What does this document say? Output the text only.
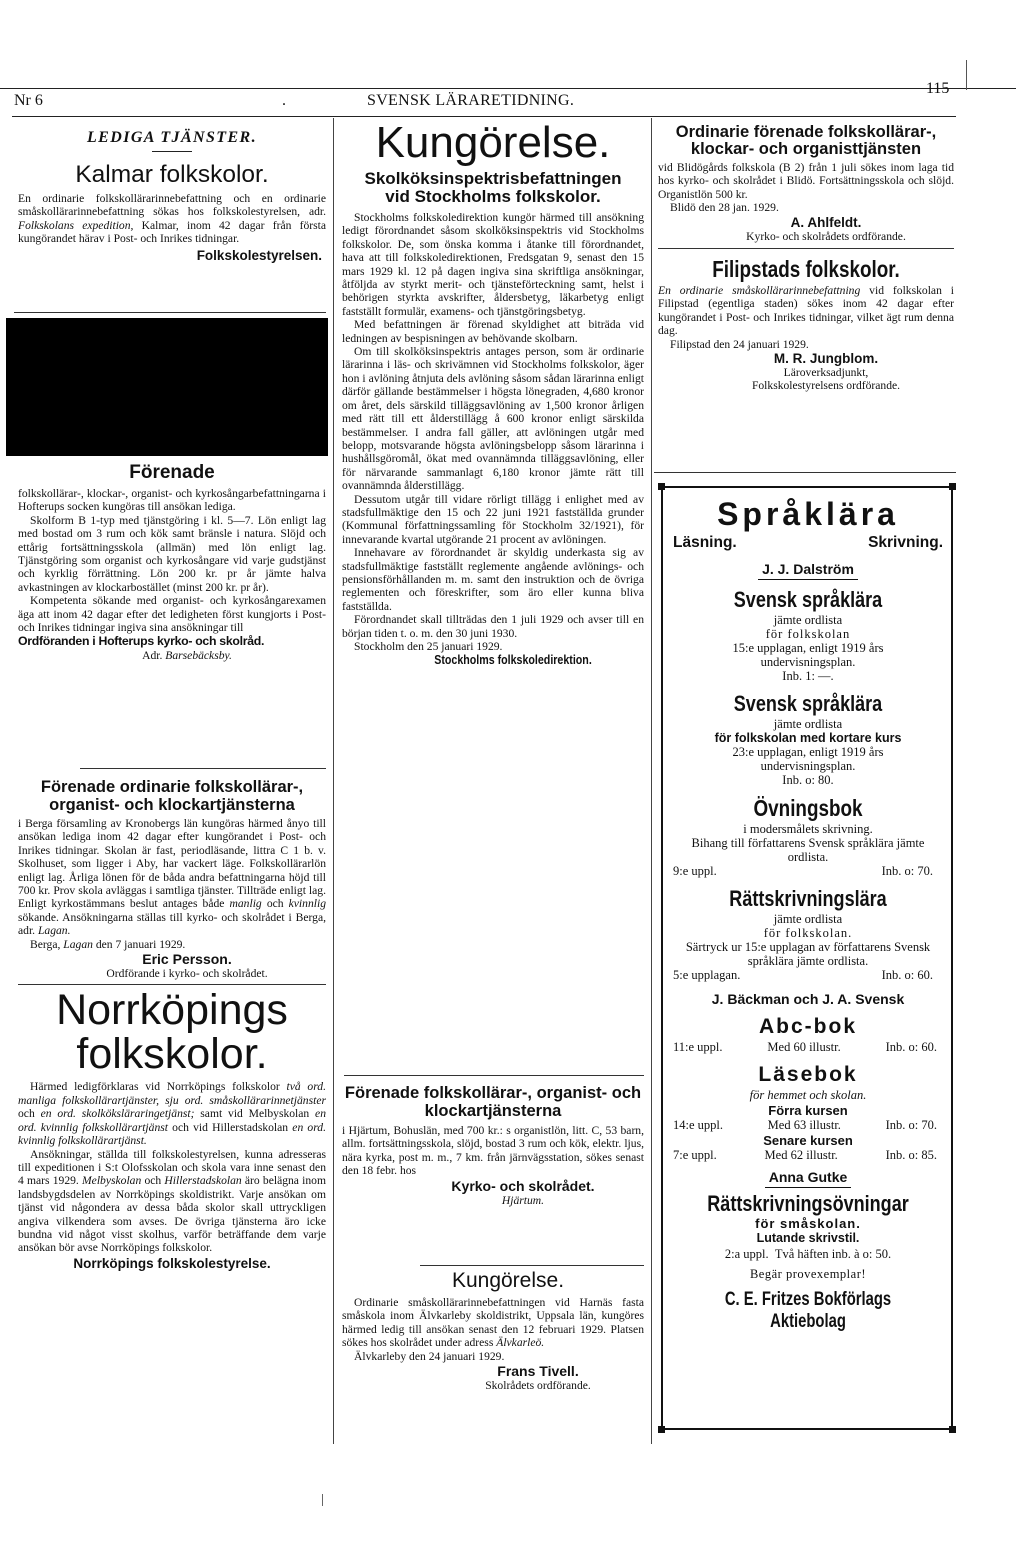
Nr 6	.	SVENSK LÄRARETIDNING.
115
LEDIGA TJÄNSTER.
Kalmar folkskolor.

En ordinarie folkskollärarinnebefattning och en ordinarie småskollärarinnebefattning sökas hos folkskolestyrelsen, adr. Folkskolans expedition, Kalmar, inom 42 dagar från första kungörandet härav i Post- och Inrikes tidningar.

Folkskolestyrelsen.
Förenade

folkskollärar-, klockar-, organist- och kyrkosångarbefattningarna i Hofterups socken kungöras till ansökan lediga.

Skolform B 1-typ med tjänstgöring i kl. 5—7. Lön enligt lag med bostad om 3 rum och kök samt bränsle i natura. Slöjd och ettårig fortsättningsskola (allmän) med lön enligt lag. Tjänstgöring som organist och kyrkosångare vid varje gudstjänst och kyrklig förrättning. Lön 200 kr. pr år jämte halva avkastningen av klockarbostället (minst 200 kr. pr år).

Kompetenta sökande med organist- och kyrkosångarexamen äga att inom 42 dagar efter det ledigheten först kungjorts i Post- och Inrikes tidningar ingiva sina ansökningar till

Ordföranden i Hofterups kyrko- och skolråd.
Adr. Barsebäcksby.
Förenade ordinarie folkskollärar-, organist- och klockartjänsterna

i Berga församling av Kronobergs län kungöras härmed ånyo till ansökan lediga inom 42 dagar efter kungörandet i Post- och Inrikes tidningar. Skolan är fast, periodläsande, littra C 1 b. v. Skolhuset, som ligger i Aby, har vackert läge. Folkskollärarlön enligt lag. Årliga lönen för de båda andra befattningarna höjd till 700 kr. Prov skola avläggas i samtliga tjänster. Tillträde enligt lag. Enligt kyrkostämmans beslut antages både manlig och kvinnlig sökande. Ansökningarna ställas till kyrko- och skolrådet i Berga, adr. Lagan.

Berga, Lagan den 7 januari 1929.

Eric Persson.
Ordförande i kyrko- och skolrådet.
Norrköpings
folkskolor.

Härmed ledigförklaras vid Norrköpings folkskolor två ord. manliga folkskollärartjänster, sju ord. småskollärarinnetjänster och en ord. skolköksläraringetjänst; samt vid Melbyskolan en ord. kvinnlig folkskollärartjänst och vid Hillerstadskolan en ord. kvinnlig folkskollärartjänst.

Ansökningar, ställda till folkskolestyrelsen, kunna adresseras till expeditionen i S:t Olofsskolan och skola vara inne senast den 4 mars 1929. Melbyskolan och Hillerstadskolan äro belägna inom landsbygdsdelen av Norrköpings skoldistrikt. Varje ansökan om tjänst vid någondera av dessa båda skolor skall uttryckligen angiva vilkendera som avses. De övriga tjänsterna äro icke bundna vid något visst skolhus, varför beträffande dem varje ansökan bör avse Norrköpings folkskolor.

Norrköpings folkskolestyrelse.
Kungörelse.
Skolköksinspektrisbefattningen vid Stockholms folkskolor.

Stockholms folkskoledirektion kungör härmed till ansökning ledigt förordnandet såsom skolköksinspektris vid Stockholms folkskolor. De, som önska komma i åtanke till förordnandet, hava att till folkskoledirektionen, Fredsgatan 9, senast den 15 mars 1929 kl. 12 på dagen ingiva sina skriftliga ansökningar, åtföljda av styrkt merit- och tjänsteförteckning samt, helst i behörigen styrkta avskrifter, åldersbetyg, läkarbetyg enligt fastställt formulär, examens- och tjänstgöringsbetyg.

Med befattningen är förenad skyldighet att biträda vid ledningen av bespisningen av behövande skolbarn.

Om till skolköksinspektris antages person, som är ordinarie lärarinna i läs- och skrivämnen vid Stockholms folkskolor, äger hon i avlöning åtnjuta dels avlöning såsom sådan lärarinna enligt därför gällande bestämmelser i högsta lönegraden, 4,680 kronor om året, dels särskild tilläggsavlöning av 1,500 kronor årligen med rätt till ett ålderstillägg å 600 kronor enligt särskilda bestämmelser. I andra fall gäller, att avlöningen utgår med belopp, motsvarande högsta avlöningsbelopp såsom lärarinna i hushållsgöromål, ökat med ovannämnda tilläggsavlöning, eller för närvarande sammanlagt 6,180 kronor jämte rätt till ovannämnda ålderstillägg.

Dessutom utgår till vidare rörligt tillägg i enlighet med av stadsfullmäktige den 15 och 22 juni 1921 fastställda grunder (Kommunal författningssamling för Stockholm 32/1921), för innevarande kvartal utgörande 21 procent av avlöningen.

Innehavare av förordnandet är skyldig underkasta sig av stadsfullmäktige fastställt reglemente angående avlönings- och pensionsförhållanden m. m. samt den instruktion och de övriga reglementen och föreskrifter, som äro eller kunna bliva fastställda.

Förordnandet skall tillträdas den 1 juli 1929 och avser till en början tiden t. o. m. den 30 juni 1930.

Stockholm den 25 januari 1929.

Stockholms folkskoledirektion.
Förenade folkskollärar-, organist- och klockartjänsterna

i Hjärtum, Bohuslän, med 700 kr.: s organistlön, litt. C, 53 barn, allm. fortsättningsskola, slöjd, bostad 3 rum och kök, elektr. ljus, nära kyrka, post m. m., 7 km. från järnvägsstation, sökes senast den 18 febr. hos

Kyrko- och skolrådet.
Hjärtum.
Kungörelse.

Ordinarie småskollärarinnebefattningen vid Harnäs fasta småskola inom Älvkarleby skoldistrikt, Uppsala län, kungöres härmed ledig till ansökan senast den 12 februari 1929. Platsen sökes hos skolrådet under adress Älvkarleö.

Älvkarleby den 24 januari 1929.

Frans Tivell.
Skolrådets ordförande.
Ordinarie förenade folkskollärar-, klockar- och organisttjänsten

vid Blidögårds folkskola (B 2) från 1 juli sökes inom laga tid hos kyrko- och skolrådet i Blidö. Fortsättningsskola och slöjd. Organistlön 500 kr.

Blidö den 28 jan. 1929.

A. Ahlfeldt.
Kyrko- och skolrådets ordförande.
Filipstads folkskolor.

En ordinarie småskollärarinnebefattning vid folkskolan i Filipstad (egentliga staden) sökes inom 42 dagar efter kungörandet i Post- och Inrikes tidningar, vilket ägt rum denna dag.

Filipstad den 24 januari 1929.

M. R. Jungblom.
Läroverksadjunkt,
Folkskolestyrelsens ordförande.
Språklära
Läsning.	Skrivning.
J. J. Dalström
Svensk språklära
jämte ordlista
för folkskolan
15:e upplagan, enligt 1919 års
undervisningsplan.
Inb. 1: —.
Svensk språklära
jämte ordlista
för folkskolan med kortare kurs
23:e upplagan, enligt 1919 års
undervisningsplan.
Inb. o: 80.
Övningsbok
i modersmålets skrivning.
Bihang till författarens Svensk språklära jämte ordlista.
9:e uppl.	Inb. o: 70.
Rättskrivningslära
jämte ordlista
för folkskolan.
Särtryck ur 15:e upplagan av författarens Svensk språklära jämte ordlista.
5:e upplagan.	Inb. o: 60.
J. Bäckman och J. A. Svensk
Abc-bok
11:e uppl.	Med 60 illustr.	Inb. o: 60.
Läsebok
för hemmet och skolan.
Förra kursen
14:e uppl.	Med 63 illustr.	Inb. o: 70.
Senare kursen
7:e uppl.	Med 62 illustr.	Inb. o: 85.
Anna Gutke
Rättskrivningsövningar
för småskolan.
Lutande skrivstil.
2:a uppl. Två häften inb. à o: 50.
Begär provexemplar!
C. E. Fritzes Bokförlags Aktiebolag
